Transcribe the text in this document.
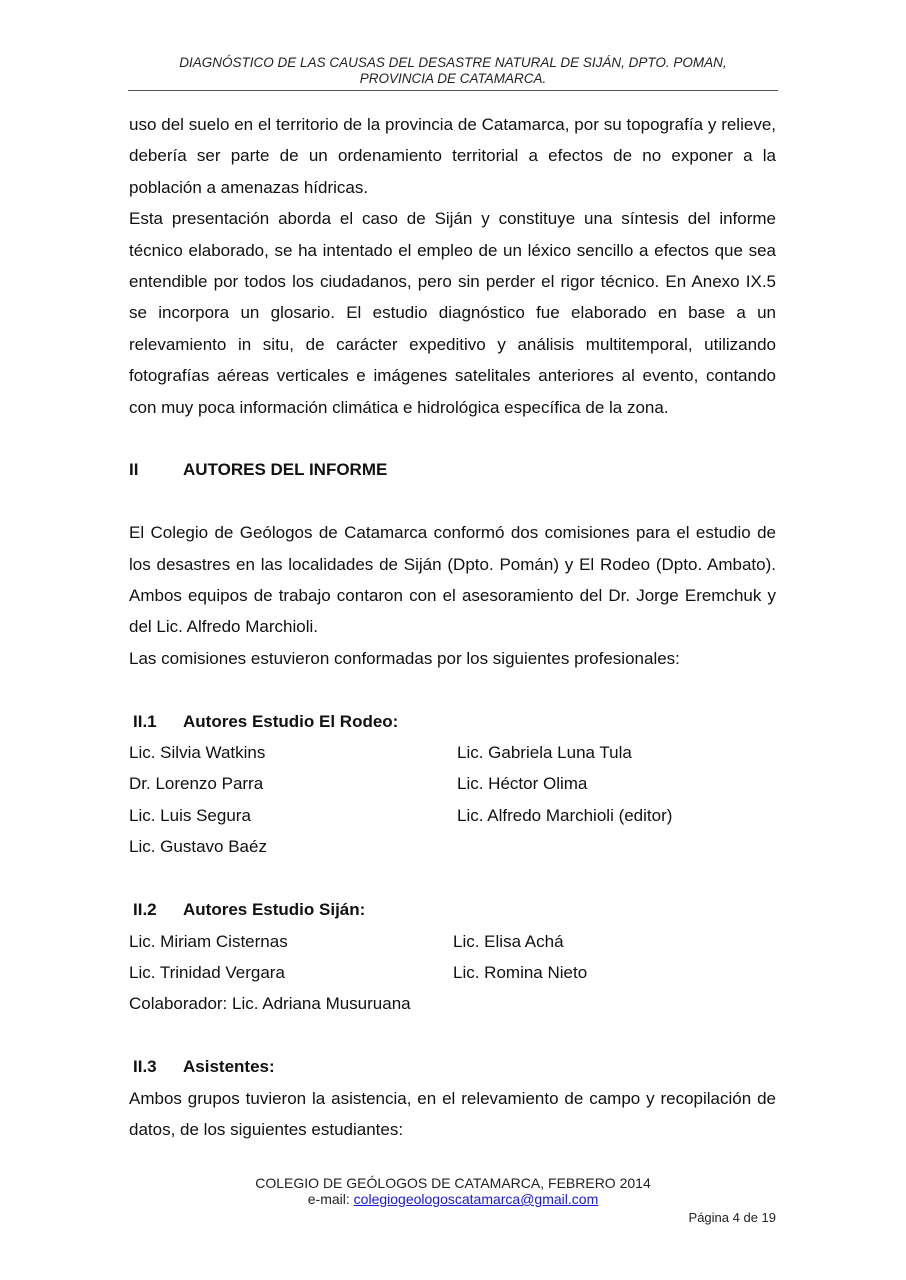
DIAGNÓSTICO DE LAS CAUSAS DEL DESASTRE NATURAL DE SIJÁN, DPTO. POMAN,
PROVINCIA DE CATAMARCA.

uso del suelo en el territorio de la provincia de Catamarca, por su topografía y relieve, debería ser parte de un ordenamiento territorial a efectos de no exponer a la población a amenazas hídricas.

Esta presentación aborda el caso de Siján y constituye una síntesis del informe técnico elaborado, se ha intentado el empleo de un léxico sencillo a efectos que sea entendible por todos los ciudadanos, pero sin perder el rigor técnico. En Anexo IX.5 se incorpora un glosario. El estudio diagnóstico fue elaborado en base a un relevamiento in situ, de carácter expeditivo y análisis multitemporal, utilizando fotografías aéreas verticales e imágenes satelitales anteriores al evento, contando con muy poca información climática e hidrológica específica de la zona.

II	AUTORES DEL INFORME

El Colegio de Geólogos de Catamarca conformó dos comisiones para el estudio de los desastres en las localidades de Siján (Dpto. Pomán) y El Rodeo (Dpto. Ambato). Ambos equipos de trabajo contaron con el asesoramiento del Dr. Jorge Eremchuk y del Lic. Alfredo Marchioli.

Las comisiones estuvieron conformadas por los siguientes profesionales:

II.1	Autores Estudio El Rodeo:
Lic. Silvia Watkins	Lic. Gabriela Luna Tula
Dr. Lorenzo Parra	Lic. Héctor Olima
Lic. Luis Segura	Lic. Alfredo Marchioli (editor)
Lic. Gustavo Baéz
II.2	Autores Estudio Siján:
Lic. Miriam Cisternas	Lic. Elisa Achá
Lic. Trinidad Vergara	Lic. Romina Nieto
Colaborador: Lic. Adriana Musuruana
II.3	Asistentes:

Ambos grupos tuvieron la asistencia, en el relevamiento de campo y recopilación de datos, de los siguientes estudiantes:

COLEGIO DE GEÓLOGOS DE CATAMARCA, FEBRERO 2014
e-mail: colegiogeologoscatamarca@gmail.com
Página 4 de 19
